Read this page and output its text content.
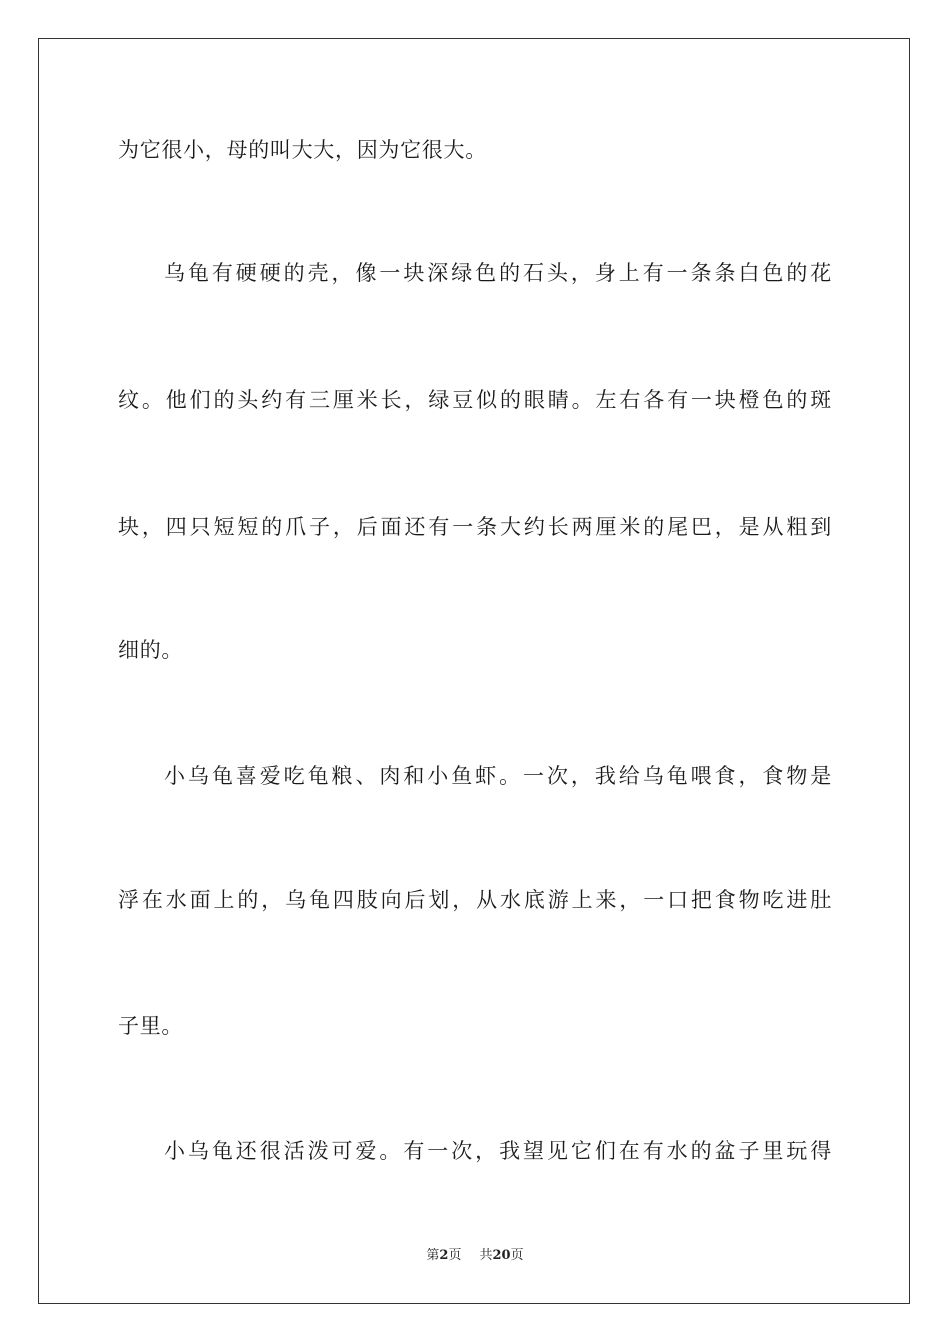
为它很小，母的叫大大，因为它很大。
乌龟有硬硬的壳，像一块深绿色的石头，身上有一条条白色的花
纹。他们的头约有三厘米长，绿豆似的眼睛。左右各有一块橙色的斑
块，四只短短的爪子，后面还有一条大约长两厘米的尾巴，是从粗到
细的。
小乌龟喜爱吃龟粮、肉和小鱼虾。一次，我给乌龟喂食，食物是
浮在水面上的，乌龟四肢向后划，从水底游上来，一口把食物吃进肚
子里。
小乌龟还很活泼可爱。有一次，我望见它们在有水的盆子里玩得
第2页 共20页
